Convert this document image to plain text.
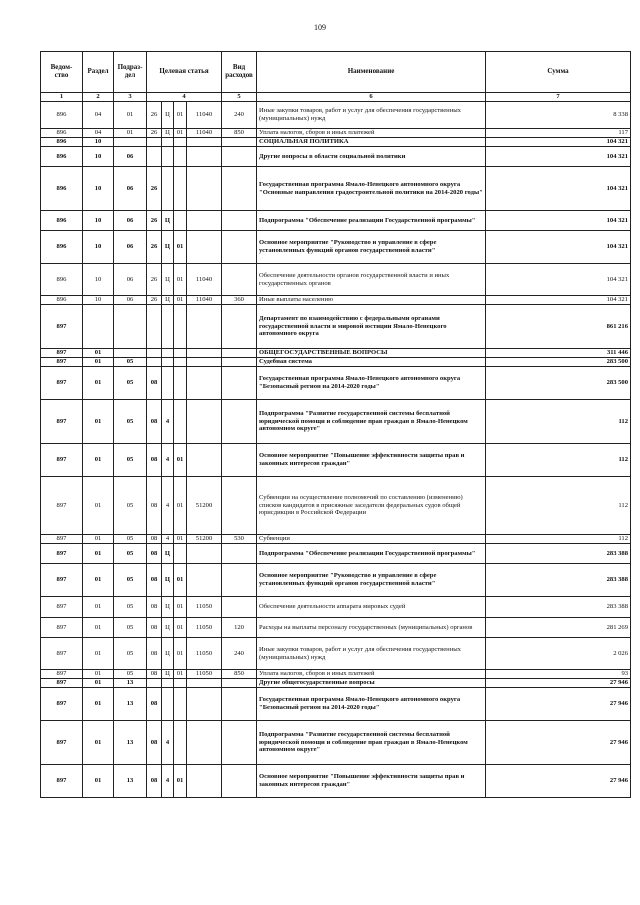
109
Ведом-
ство	Раздел	Подраз-
дел	Целевая статья				Вид
расходов	Наименование	Сумма
1	2	3	4				5	6	7
896	04	01	26	Ц	01	11040	240	Иные закупки товаров, работ и услуг для обеспечения государственных (муниципальных) нужд	8 338
896	04	01	26	Ц	01	11040	850	Уплата налогов, сборов и иных платежей	117
896	10							СОЦИАЛЬНАЯ ПОЛИТИКА	104 321
896	10	06						Другие вопросы в области социальной политики	104 321
896	10	06	26					Государственная программа Ямало-Ненецкого автономного округа "Основные направления градостроительной политики на 2014-2020 годы"	104 321
896	10	06	26	Ц				Подпрограмма "Обеспечение реализации Государственной программы"	104 321
896	10	06	26	Ц	01			Основное мероприятие "Руководство и управление в сфере установленных функций органов государственной власти"	104 321
896	10	06	26	Ц	01	11040		Обеспечение деятельности органов государственной власти и иных государственных органов	104 321
896	10	06	26	Ц	01	11040	360	Иные выплаты населению	104 321
897								Департамент по взаимодействию с федеральными органами государственной власти и мировой юстиции Ямало-Ненецкого автономного округа	861 216
897	01							ОБЩЕГОСУДАРСТВЕННЫЕ ВОПРОСЫ	311 446
897	01	05						Судебная система	283 500
897	01	05	08					Государственная программа Ямало-Ненецкого автономного округа "Безопасный регион на 2014-2020 годы"	283 500
897	01	05	08	4				Подпрограмма "Развитие государственной системы бесплатной юридической помощи и соблюдение прав граждан в Ямало-Ненецком автономном округе"	112
897	01	05	08	4	01			Основное мероприятие "Повышение эффективности защиты прав и законных интересов граждан"	112
897	01	05	08	4	01	51200		Субвенции на осуществление полномочий по составлению (изменению) списков кандидатов в присяжные заседатели федеральных судов общей юрисдикции в Российской Федерации	112
897	01	05	08	4	01	51200	530	Субвенции	112
897	01	05	08	Ц				Подпрограмма "Обеспечение реализации Государственной программы"	283 388
897	01	05	08	Ц	01			Основное мероприятие "Руководство и управление в сфере установленных функций органов государственной власти"	283 388
897	01	05	08	Ц	01	11050		Обеспечение деятельности аппарата мировых судей	283 388
897	01	05	08	Ц	01	11050	120	Расходы на выплаты персоналу государственных (муниципальных) органов	281 269
897	01	05	08	Ц	01	11050	240	Иные закупки товаров, работ и услуг для обеспечения государственных (муниципальных) нужд	2 026
897	01	05	08	Ц	01	11050	850	Уплата налогов, сборов и иных платежей	93
897	01	13						Другие общегосударственные вопросы	27 946
897	01	13	08					Государственная программа Ямало-Ненецкого автономного округа "Безопасный регион на 2014-2020 годы"	27 946
897	01	13	08	4				Подпрограмма "Развитие государственной системы бесплатной юридической помощи и соблюдение прав граждан в Ямало-Ненецком автономном округе"	27 946
897	01	13	08	4	01			Основное мероприятие "Повышение эффективности защиты прав и законных интересов граждан"	27 946
